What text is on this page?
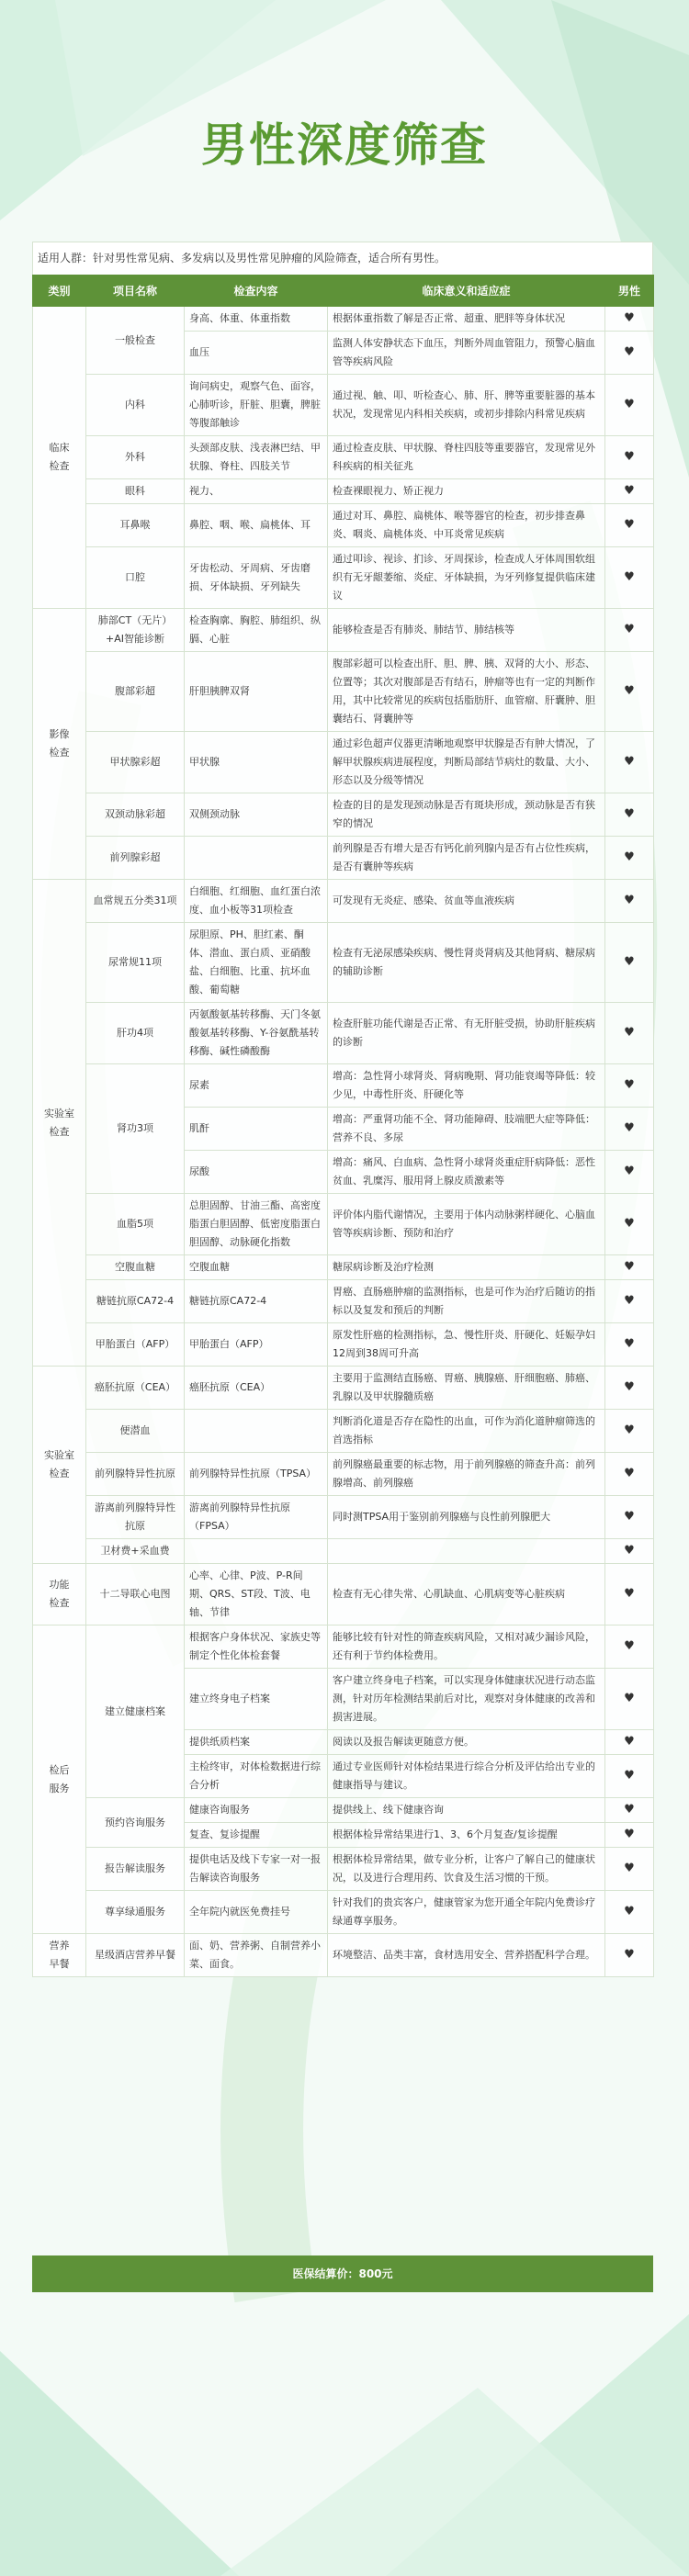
男性深度筛查
适用人群：针对男性常见病、多发病以及男性常见肿瘤的风险筛查，适合所有男性。
类别	项目名称	检查内容	临床意义和适应症	男性
临床
检查	一般检查	身高、体重、体重指数	根据体重指数了解是否正常、超重、肥胖等身体状况	♥
		血压	监测人体安静状态下血压，判断外周血管阻力，预警心脑血管等疾病风险	♥
	内科	询问病史，观察气色、面容，心肺听诊，肝脏、胆囊，脾脏等腹部触诊	通过视、触、叩、听检查心、肺、肝、脾等重要脏器的基本状况，发现常见内科相关疾病，或初步排除内科常见疾病	♥
	外科	头颈部皮肤、浅表淋巴结、甲状腺、脊柱、四肢关节	通过检查皮肤、甲状腺、脊柱四肢等重要器官，发现常见外科疾病的相关征兆	♥
	眼科	视力、	检查裸眼视力、矫正视力	♥
	耳鼻喉	鼻腔、咽、喉、扁桃体、耳	通过对耳、鼻腔、扁桃体、喉等器官的检查，初步排查鼻炎、咽炎、扁桃体炎、中耳炎常见疾病	♥
	口腔	牙齿松动、牙周病、牙齿磨损、牙体缺损、牙列缺失	通过叩诊、视诊、扪诊、牙周探诊，检查成人牙体周围软组织有无牙龈萎缩、炎症、牙体缺损，为牙列修复提供临床建议	♥
影像
检查	肺部CT（无片）+AI智能诊断	检查胸廓、胸腔、肺组织、纵膈、心脏	能够检查是否有肺炎、肺结节、肺结核等	♥
	腹部彩超	肝胆胰脾双肾	腹部彩超可以检查出肝、胆、脾、胰、双肾的大小、形态、位置等；其次对腹部是否有结石，肿瘤等也有一定的判断作用，其中比较常见的疾病包括脂肪肝、血管瘤、肝囊肿、胆囊结石、肾囊肿等	♥
	甲状腺彩超	甲状腺	通过彩色超声仪器更清晰地观察甲状腺是否有肿大情况，了解甲状腺疾病进展程度，判断局部结节病灶的数量、大小、形态以及分级等情况	♥
	双颈动脉彩超	双侧颈动脉	检查的目的是发现颈动脉是否有斑块形成，颈动脉是否有狭窄的情况	♥
	前列腺彩超		前列腺是否有增大是否有钙化前列腺内是否有占位性疾病，是否有囊肿等疾病	♥
实验室
检查	血常规五分类31项	白细胞、红细胞、血红蛋白浓度、血小板等31项检查	可发现有无炎症、感染、贫血等血液疾病	♥
	尿常规11项	尿胆原、PH、胆红素、酮体、潜血、蛋白质、亚硝酸盐、白细胞、比重、抗坏血酸、葡萄糖	检查有无泌尿感染疾病、慢性肾炎肾病及其他肾病、糖尿病的辅助诊断	♥
	肝功4项	丙氨酸氨基转移酶、天门冬氨酸氨基转移酶、Y-谷氨酰基转移酶、碱性磷酸酶	检查肝脏功能代谢是否正常、有无肝脏受损，协助肝脏疾病的诊断	♥
	肾功3项	尿素	增高：急性肾小球肾炎、肾病晚期、肾功能衰竭等降低：较少见，中毒性肝炎、肝硬化等	♥
		肌酐	增高：严重肾功能不全、肾功能障碍、肢端肥大症等降低：营养不良、多尿	♥
		尿酸	增高：痛风、白血病、急性肾小球肾炎重症肝病降低：恶性贫血、乳糜泻、服用肾上腺皮质激素等	♥
	血脂5项	总胆固醇、甘油三酯、高密度脂蛋白胆固醇、低密度脂蛋白胆固醇、动脉硬化指数	评价体内脂代谢情况，主要用于体内动脉粥样硬化、心脑血管等疾病诊断、预防和治疗	♥
	空腹血糖	空腹血糖	糖尿病诊断及治疗检测	♥
	糖链抗原CA72-4	糖链抗原CA72-4	胃癌、直肠癌肿瘤的监测指标，也是可作为治疗后随访的指标以及复发和预后的判断	♥
	甲胎蛋白（AFP）	甲胎蛋白（AFP）	原发性肝癌的检测指标，急、慢性肝炎、肝硬化、妊娠孕妇12周到38周可升高	♥
实验室
检查	癌胚抗原（CEA）	癌胚抗原（CEA）	主要用于监测结直肠癌、胃癌、胰腺癌、肝细胞癌、肺癌、乳腺以及甲状腺髓质癌	♥
	便潜血		判断消化道是否存在隐性的出血，可作为消化道肿瘤筛选的首选指标	♥
	前列腺特异性抗原	前列腺特异性抗原（TPSA）	前列腺癌最重要的标志物，用于前列腺癌的筛查升高：前列腺增高、前列腺癌	♥
	游离前列腺特异性抗原	游离前列腺特异性抗原（FPSA）	同时测TPSA用于鉴别前列腺癌与良性前列腺肥大	♥
	卫材费+采血费			♥
功能
检查	十二导联心电图	心率、心律、P波、P-R间期、QRS、ST段、T波、电轴、节律	检查有无心律失常、心肌缺血、心肌病变等心脏疾病	♥
检后
服务	建立健康档案	根据客户身体状况、家族史等制定个性化体检套餐	能够比较有针对性的筛查疾病风险，又相对减少漏诊风险，还有利于节约体检费用。	♥
		建立终身电子档案	客户建立终身电子档案，可以实现身体健康状况进行动态监测，针对历年检测结果前后对比，观察对身体健康的改善和损害进展。	♥
		提供纸质档案	阅读以及报告解读更随意方便。	♥
		主检终审，对体检数据进行综合分析	通过专业医师针对体检结果进行综合分析及评估给出专业的健康指导与建议。	♥
	预约咨询服务	健康咨询服务	提供线上、线下健康咨询	♥
		复查、复诊提醒	根据体检异常结果进行1、3、6个月复查/复诊提醒	♥
	报告解读服务	提供电话及线下专家一对一报告解读咨询服务	根据体检异常结果，做专业分析，让客户了解自己的健康状况，以及进行合理用药、饮食及生活习惯的干预。	♥
	尊享绿通服务	全年院内就医免费挂号	针对我们的贵宾客户，健康管家为您开通全年院内免费诊疗绿通尊享服务。	♥
营养
早餐	星级酒店营养早餐	面、奶、营养粥、自制营养小菜、面食。	环境整洁、品类丰富，食材选用安全、营养搭配科学合理。	♥
医保结算价：800元
